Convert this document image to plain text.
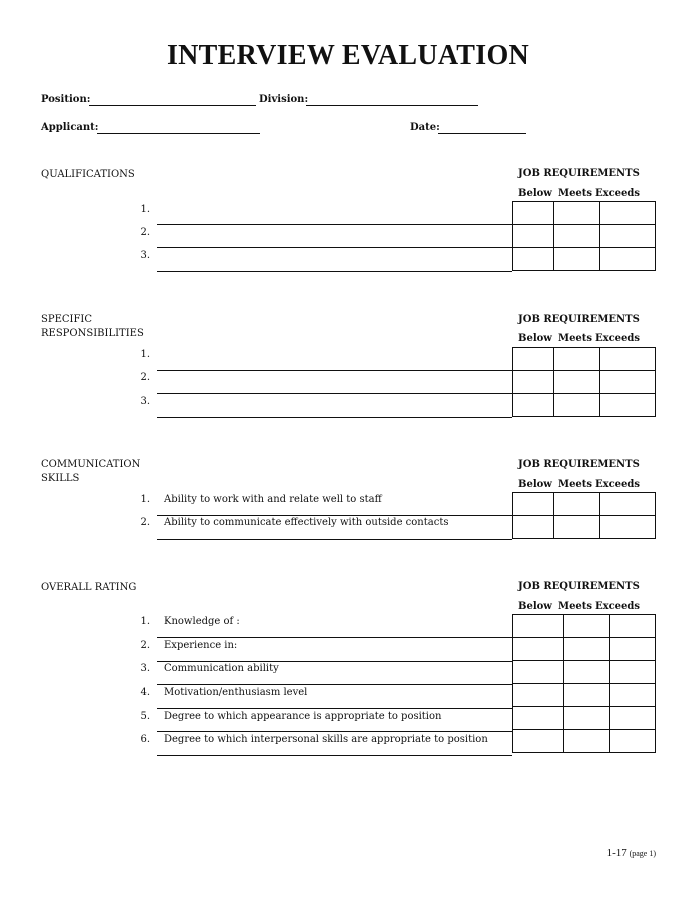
INTERVIEW EVALUATION
Position:	Division:
Applicant:	Date:
QUALIFICATIONS	JOB REQUIREMENTS
Below Meets Exceeds
1.
2.
3.

SPECIFIC RESPONSIBILITIES
JOB REQUIREMENTS
Below Meets Exceeds
1.
2.
3.

COMMUNICATION SKILLS
JOB REQUIREMENTS
Below Meets Exceeds
1. Ability to work with and relate well to staff
2. Ability to communicate effectively with outside contacts

OVERALL RATING	JOB REQUIREMENTS
Below Meets Exceeds
1. Knowledge of :
2. Experience in:
3. Communication ability
4. Motivation/enthusiasm level
5. Degree to which appearance is appropriate to position
6. Degree to which interpersonal skills are appropriate to position

1-17 (page 1)
